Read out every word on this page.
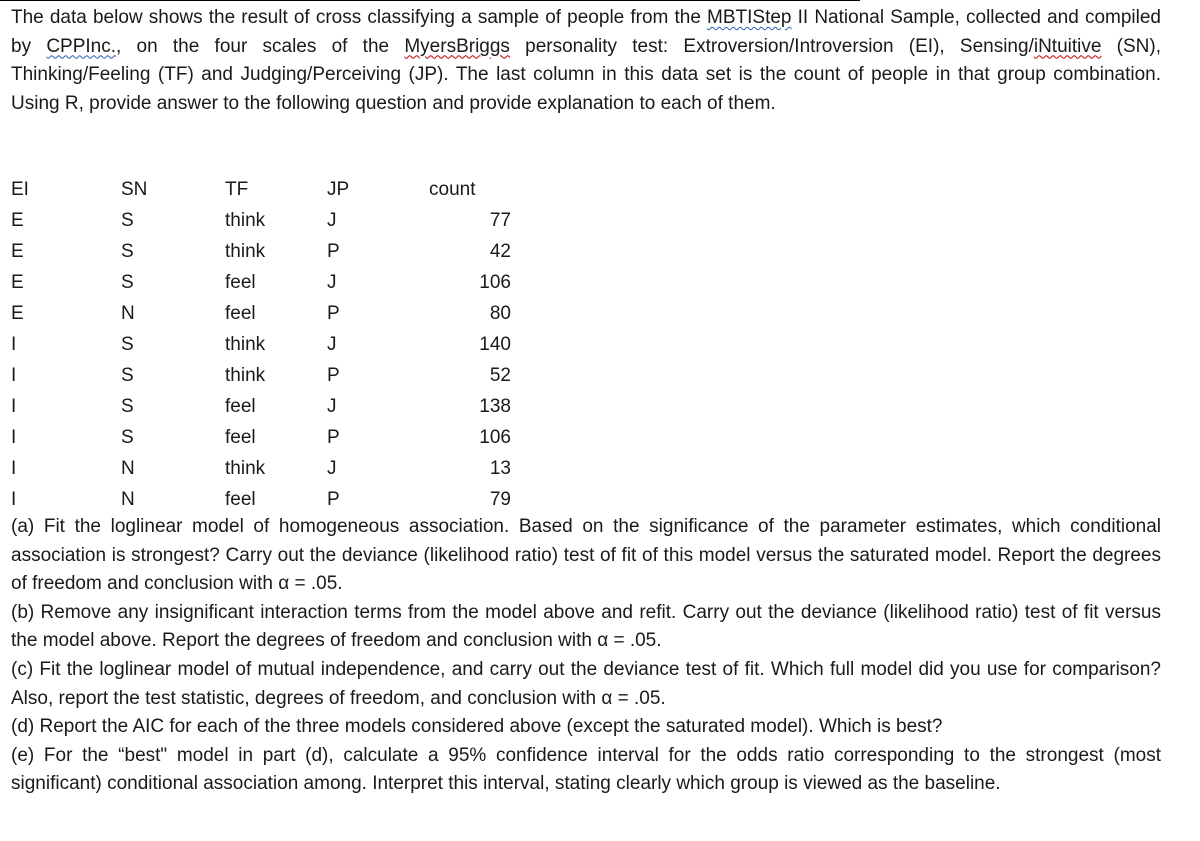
The data below shows the result of cross classifying a sample of people from the MBTIStep II National Sample, collected and compiled by CPPInc., on the four scales of the MyersBriggs personality test: Extroversion/Introversion (EI), Sensing/iNtuitive (SN), Thinking/Feeling (TF) and Judging/Perceiving (JP). The last column in this data set is the count of people in that group combination. Using R, provide answer to the following question and provide explanation to each of them.

EI	SN	TF	JP	count
E	S	think	J	77
E	S	think	P	42
E	S	feel	J	106
E	N	feel	P	80
I	S	think	J	140
I	S	think	P	52
I	S	feel	J	138
I	S	feel	P	106
I	N	think	J	13
I	N	feel	P	79

(a) Fit the loglinear model of homogeneous association. Based on the significance of the parameter estimates, which conditional association is strongest? Carry out the deviance (likelihood ratio) test of fit of this model versus the saturated model. Report the degrees of freedom and conclusion with α = .05.

(b) Remove any insignificant interaction terms from the model above and refit. Carry out the deviance (likelihood ratio) test of fit versus the model above. Report the degrees of freedom and conclusion with α = .05.

(c) Fit the loglinear model of mutual independence, and carry out the deviance test of fit. Which full model did you use for comparison? Also, report the test statistic, degrees of freedom, and conclusion with α = .05.

(d) Report the AIC for each of the three models considered above (except the saturated model). Which is best?

(e) For the “best" model in part (d), calculate a 95% confidence interval for the odds ratio corresponding to the strongest (most significant) conditional association among. Interpret this interval, stating clearly which group is viewed as the baseline.
